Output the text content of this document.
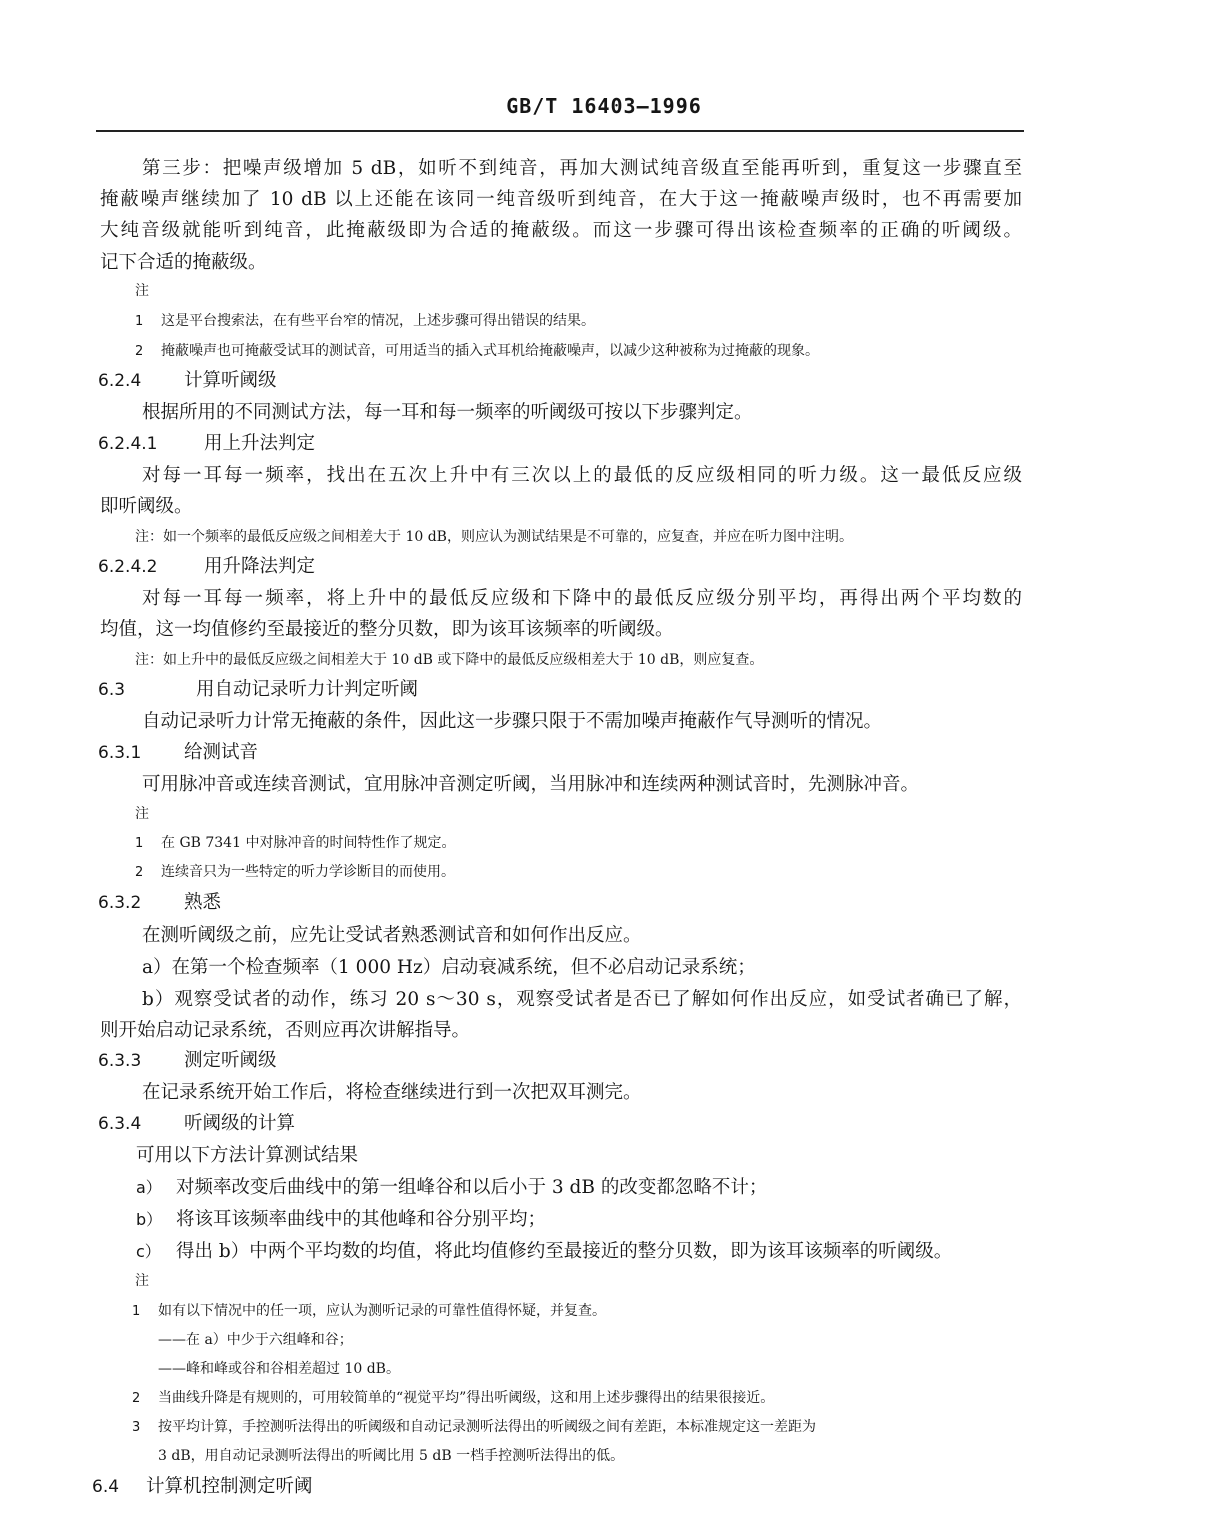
GB/T 16403—1996
第三步：把噪声级增加 5 dB，如听不到纯音，再加大测试纯音级直至能再听到，重复这一步骤直至
掩蔽噪声继续加了 10 dB 以上还能在该同一纯音级听到纯音，在大于这一掩蔽噪声级时，也不再需要加
大纯音级就能听到纯音，此掩蔽级即为合适的掩蔽级。而这一步骤可得出该检查频率的正确的听阈级。
记下合适的掩蔽级。
注
1 这是平台搜索法，在有些平台窄的情况，上述步骤可得出错误的结果。
2 掩蔽噪声也可掩蔽受试耳的测试音，可用适当的插入式耳机给掩蔽噪声，以减少这种被称为过掩蔽的现象。
6.2.4 计算听阈级
根据所用的不同测试方法，每一耳和每一频率的听阈级可按以下步骤判定。
6.2.4.1	用上升法判定
对每一耳每一频率，找出在五次上升中有三次以上的最低的反应级相同的听力级。这一最低反应级
即听阈级。
注：如一个频率的最低反应级之间相差大于 10 dB，则应认为测试结果是不可靠的，应复查，并应在听力图中注明。
6.2.4.2	用升降法判定
对每一耳每一频率，将上升中的最低反应级和下降中的最低反应级分别平均，再得出两个平均数的
均值，这一均值修约至最接近的整分贝数，即为该耳该频率的听阈级。
注：如上升中的最低反应级之间相差大于 10 dB 或下降中的最低反应级相差大于 10 dB，则应复查。
6.3	用自动记录听力计判定听阈
自动记录听力计常无掩蔽的条件，因此这一步骤只限于不需加噪声掩蔽作气导测听的情况。
6.3.1 给测试音
可用脉冲音或连续音测试，宜用脉冲音测定听阈，当用脉冲和连续两种测试音时，先测脉冲音。
注
1 在 GB 7341 中对脉冲音的时间特性作了规定。
2 连续音只为一些特定的听力学诊断目的而使用。
6.3.2 熟悉
在测听阈级之前，应先让受试者熟悉测试音和如何作出反应。
a）在第一个检查频率（1 000 Hz）启动衰减系统，但不必启动记录系统；
b）观察受试者的动作，练习 20 s～30 s，观察受试者是否已了解如何作出反应，如受试者确已了解，
则开始启动记录系统，否则应再次讲解指导。
6.3.3 测定听阈级
在记录系统开始工作后，将检查继续进行到一次把双耳测完。
6.3.4 听阈级的计算
可用以下方法计算测试结果
a） 对频率改变后曲线中的第一组峰谷和以后小于 3 dB 的改变都忽略不计；
b） 将该耳该频率曲线中的其他峰和谷分别平均；
c） 得出 b）中两个平均数的均值，将此均值修约至最接近的整分贝数，即为该耳该频率的听阈级。
注
1 如有以下情况中的任一项，应认为测听记录的可靠性值得怀疑，并复查。
——在 a）中少于六组峰和谷；
——峰和峰或谷和谷相差超过 10 dB。
2 当曲线升降是有规则的，可用较简单的“视觉平均”得出听阈级，这和用上述步骤得出的结果很接近。
3 按平均计算，手控测听法得出的听阈级和自动记录测听法得出的听阈级之间有差距，本标准规定这一差距为
3 dB，用自动记录测听法得出的听阈比用 5 dB 一档手控测听法得出的低。
6.4 计算机控制测定听阈
